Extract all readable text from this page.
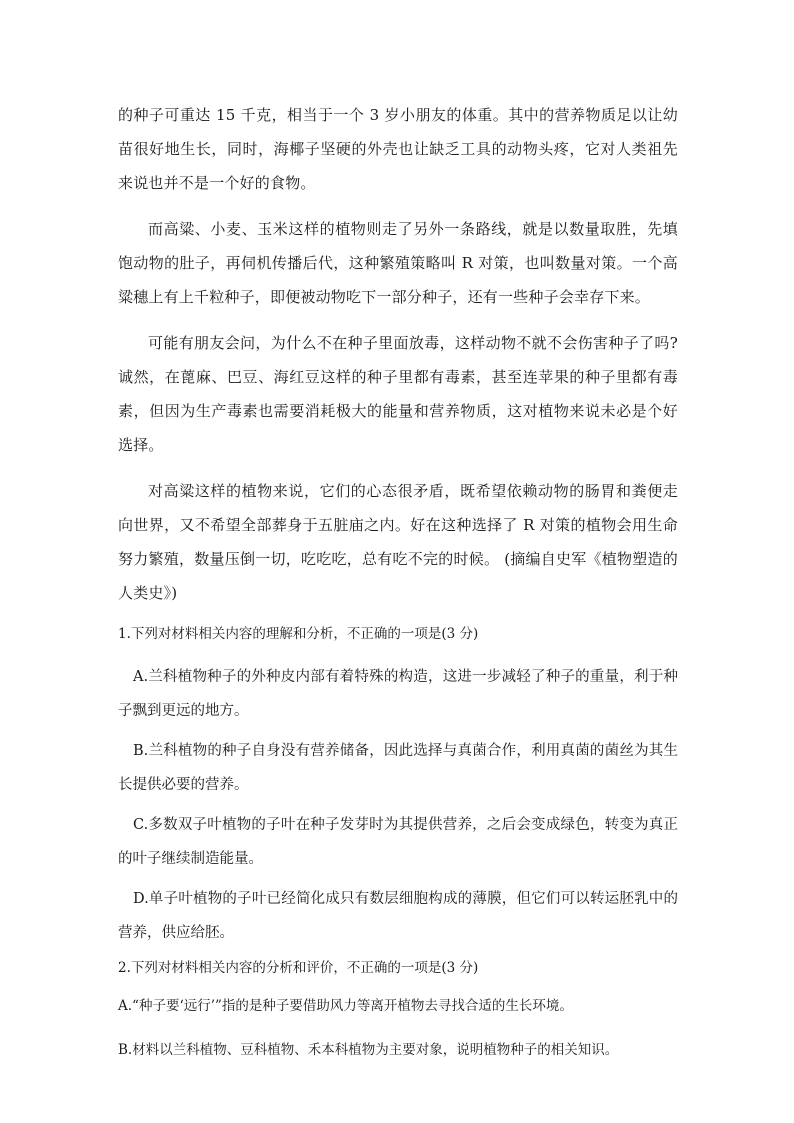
的种子可重达 15 千克，相当于一个 3 岁小朋友的体重。其中的营养物质足以让幼苗很好地生长，同时，海椰子坚硬的外壳也让缺乏工具的动物头疼，它对人类祖先来说也并不是一个好的食物。

而高粱、小麦、玉米这样的植物则走了另外一条路线，就是以数量取胜，先填饱动物的肚子，再伺机传播后代，这种繁殖策略叫 R 对策，也叫数量对策。一个高粱穗上有上千粒种子，即便被动物吃下一部分种子，还有一些种子会幸存下来。

可能有朋友会问，为什么不在种子里面放毒，这样动物不就不会伤害种子了吗?诚然，在蓖麻、巴豆、海红豆这样的种子里都有毒素，甚至连苹果的种子里都有毒素，但因为生产毒素也需要消耗极大的能量和营养物质，这对植物来说未必是个好选择。

对高粱这样的植物来说，它们的心态很矛盾，既希望依赖动物的肠胃和粪便走向世界，又不希望全部葬身于五脏庙之内。好在这种选择了 R 对策的植物会用生命努力繁殖，数量压倒一切，吃吃吃，总有吃不完的时候。 (摘编自史军《植物塑造的人类史》)

1.下列对材料相关内容的理解和分析，不正确的一项是(3 分)

A.兰科植物种子的外种皮内部有着特殊的构造，这进一步减轻了种子的重量，利于种子飘到更远的地方。

B.兰科植物的种子自身没有营养储备，因此选择与真菌合作，利用真菌的菌丝为其生长提供必要的营养。

C.多数双子叶植物的子叶在种子发芽时为其提供营养，之后会变成绿色，转变为真正的叶子继续制造能量。

D.单子叶植物的子叶已经简化成只有数层细胞构成的薄膜，但它们可以转运胚乳中的营养，供应给胚。

2.下列对材料相关内容的分析和评价，不正确的一项是(3 分)

A.“种子要‘远行’”指的是种子要借助风力等离开植物去寻找合适的生长环境。

B.材料以兰科植物、豆科植物、禾本科植物为主要对象，说明植物种子的相关知识。
